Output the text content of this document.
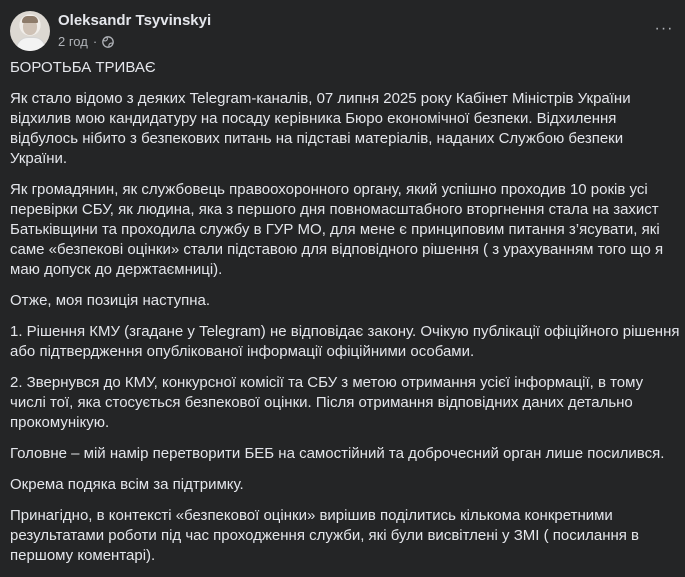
Oleksandr Tsyvinskyi
2 год ·
···

БОРОТЬБА ТРИВАЄ

Як стало відомо з деяких Telegram-каналів, 07 липня 2025 року Кабінет Міністрів України відхилив мою кандидатуру на посаду керівника Бюро економічної безпеки. Відхилення відбулось нібито з безпекових питань на підставі матеріалів, наданих Службою безпеки України.

Як громадянин, як службовець правоохоронного органу, який успішно проходив 10 років усі перевірки СБУ, як людина, яка з першого дня повномасштабного вторгнення стала на захист Батьківщини та проходила службу в ГУР МО, для мене є принциповим питання з’ясувати, які саме «безпекові оцінки» стали підставою для відповідного рішення ( з урахуванням того що я маю допуск до держтаємниці).

Отже, моя позиція наступна.

1. Рішення КМУ (згадане у Telegram) не відповідає закону. Очікую публікації офіційного рішення або підтвердження опублікованої інформації офіційними особами.

2. Звернувся до КМУ, конкурсної комісії та СБУ з метою отримання усієї інформації, в тому числі тої, яка стосується безпекової оцінки. Після отримання відповідних даних детально прокомунікую.

Головне – мій намір перетворити БЕБ на самостійний та доброчесний орган лише посилився.

Окрема подяка всім за підтримку.

Принагідно, в контексті «безпекової оцінки» вирішив поділитись кількома конкретними результатами роботи під час проходження служби, які були висвітлені у ЗМІ ( посилання в першому коментарі).
